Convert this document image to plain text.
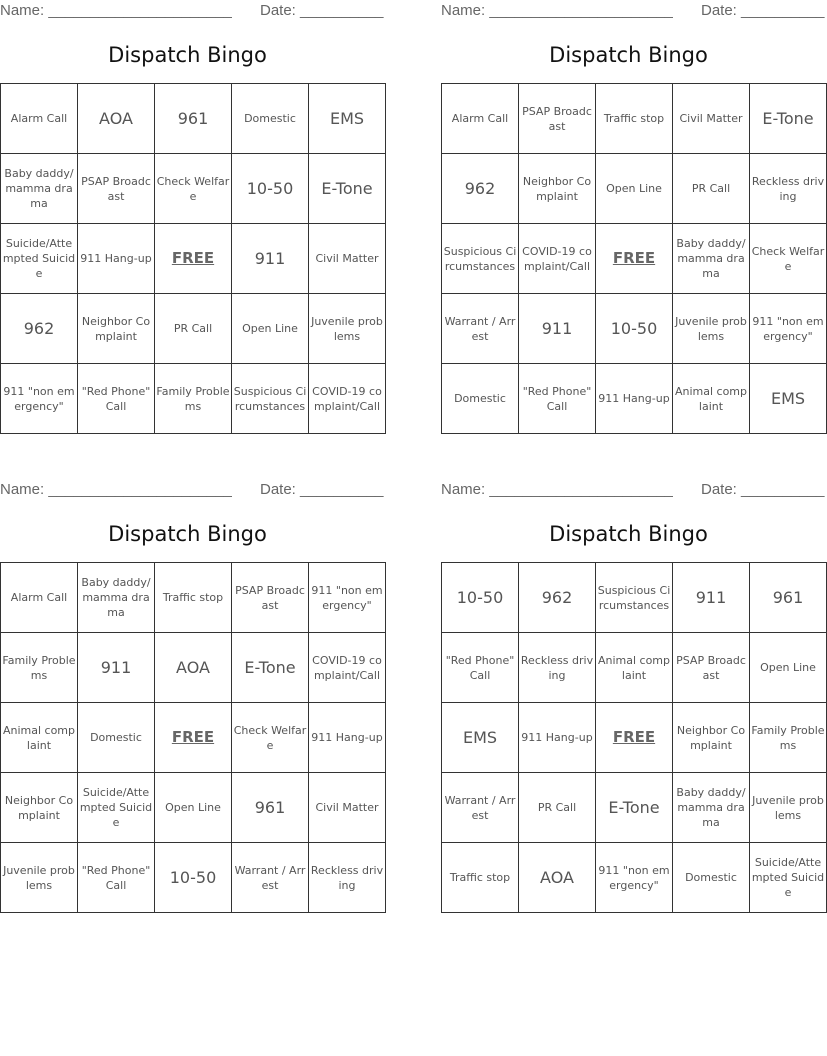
Name: ______________________ Date: __________
Dispatch Bingo
Alarm Call	AOA	961	Domestic	EMS
Baby daddy/mamma drama	PSAP Broadcast	Check Welfare	10-50	E-Tone
Suicide/Attempted Suicide	911 Hang-up	FREE	911	Civil Matter
962	Neighbor Complaint	PR Call	Open Line	Juvenile problems
911 "non emergency"	"Red Phone" Call	Family Problems	Suspicious Circumstances	COVID-19 complaint/Call
Name: ______________________ Date: __________
Dispatch Bingo
Alarm Call	PSAP Broadcast	Traffic stop	Civil Matter	E-Tone
962	Neighbor Complaint	Open Line	PR Call	Reckless driving
Suspicious Circumstances	COVID-19 complaint/Call	FREE	Baby daddy/mamma drama	Check Welfare
Warrant / Arrest	911	10-50	Juvenile problems	911 "non emergency"
Domestic	"Red Phone" Call	911 Hang-up	Animal complaint	EMS
Name: ______________________ Date: __________
Dispatch Bingo
Alarm Call	Baby daddy/mamma drama	Traffic stop	PSAP Broadcast	911 "non emergency"
Family Problems	911	AOA	E-Tone	COVID-19 complaint/Call
Animal complaint	Domestic	FREE	Check Welfare	911 Hang-up
Neighbor Complaint	Suicide/Attempted Suicide	Open Line	961	Civil Matter
Juvenile problems	"Red Phone" Call	10-50	Warrant / Arrest	Reckless driving
Name: ______________________ Date: __________
Dispatch Bingo
10-50	962	Suspicious Circumstances	911	961
"Red Phone" Call	Reckless driving	Animal complaint	PSAP Broadcast	Open Line
EMS	911 Hang-up	FREE	Neighbor Complaint	Family Problems
Warrant / Arrest	PR Call	E-Tone	Baby daddy/mamma drama	Juvenile problems
Traffic stop	AOA	911 "non emergency"	Domestic	Suicide/Attempted Suicide
